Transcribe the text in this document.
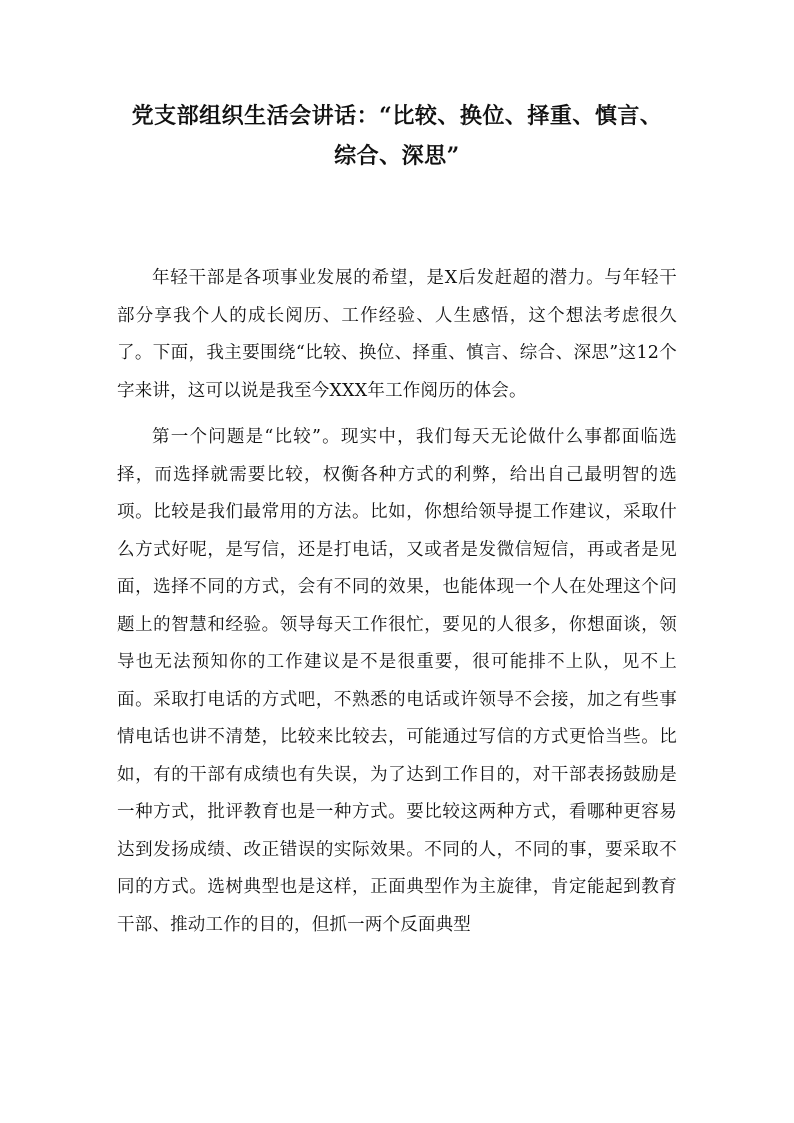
党支部组织生活会讲话：“比较、换位、择重、慎言、
综合、深思”

年轻干部是各项事业发展的希望，是X后发赶超的潜力。与年轻干部分享我个人的成长阅历、工作经验、人生感悟，这个想法考虑很久了。下面，我主要围绕“比较、换位、择重、慎言、综合、深思”这12个字来讲，这可以说是我至今XXX年工作阅历的体会。

第一个问题是“比较”。现实中，我们每天无论做什么事都面临选择，而选择就需要比较，权衡各种方式的利弊，给出自己最明智的选项。比较是我们最常用的方法。比如，你想给领导提工作建议，采取什么方式好呢，是写信，还是打电话，又或者是发微信短信，再或者是见面，选择不同的方式，会有不同的效果，也能体现一个人在处理这个问题上的智慧和经验。领导每天工作很忙，要见的人很多，你想面谈，领导也无法预知你的工作建议是不是很重要，很可能排不上队，见不上面。采取打电话的方式吧，不熟悉的电话或许领导不会接，加之有些事情电话也讲不清楚，比较来比较去，可能通过写信的方式更恰当些。比如，有的干部有成绩也有失误，为了达到工作目的，对干部表扬鼓励是一种方式，批评教育也是一种方式。要比较这两种方式，看哪种更容易达到发扬成绩、改正错误的实际效果。不同的人，不同的事，要采取不同的方式。选树典型也是这样，正面典型作为主旋律，肯定能起到教育干部、推动工作的目的，但抓一两个反面典型
